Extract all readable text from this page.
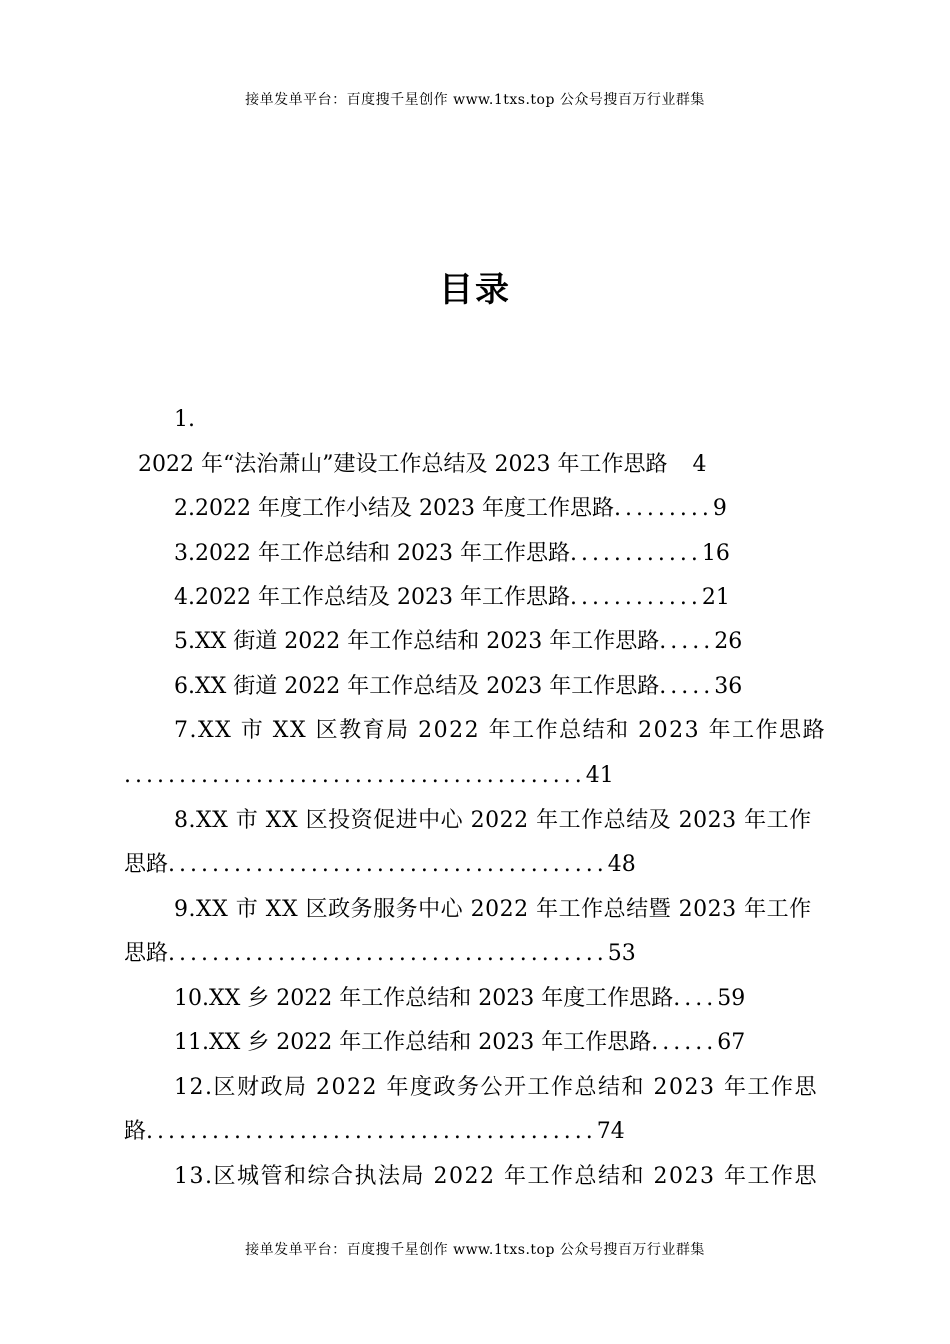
接单发单平台：百度搜千星创作 www.1txs.top 公众号搜百万行业群集
目录
1.
2022 年“法治萧山”建设工作总结及 2023 年工作思路 4
2.2022 年度工作小结及 2023 年度工作思路.........9
3.2022 年工作总结和 2023 年工作思路............16
4.2022 年工作总结及 2023 年工作思路............21
5.XX 街道 2022 年工作总结和 2023 年工作思路.....26
6.XX 街道 2022 年工作总结及 2023 年工作思路.....36
7.XX 市 XX 区教育局 2022 年工作总结和 2023 年工作思路
..........................................41
8.XX 市 XX 区投资促进中心 2022 年工作总结及 2023 年工作
思路........................................48
9.XX 市 XX 区政务服务中心 2022 年工作总结暨 2023 年工作
思路........................................53
10.XX 乡 2022 年工作总结和 2023 年度工作思路....59
11.XX 乡 2022 年工作总结和 2023 年工作思路......67
12.区财政局 2022 年度政务公开工作总结和 2023 年工作思
路.........................................74
13.区城管和综合执法局 2022 年工作总结和 2023 年工作思
接单发单平台：百度搜千星创作 www.1txs.top 公众号搜百万行业群集
